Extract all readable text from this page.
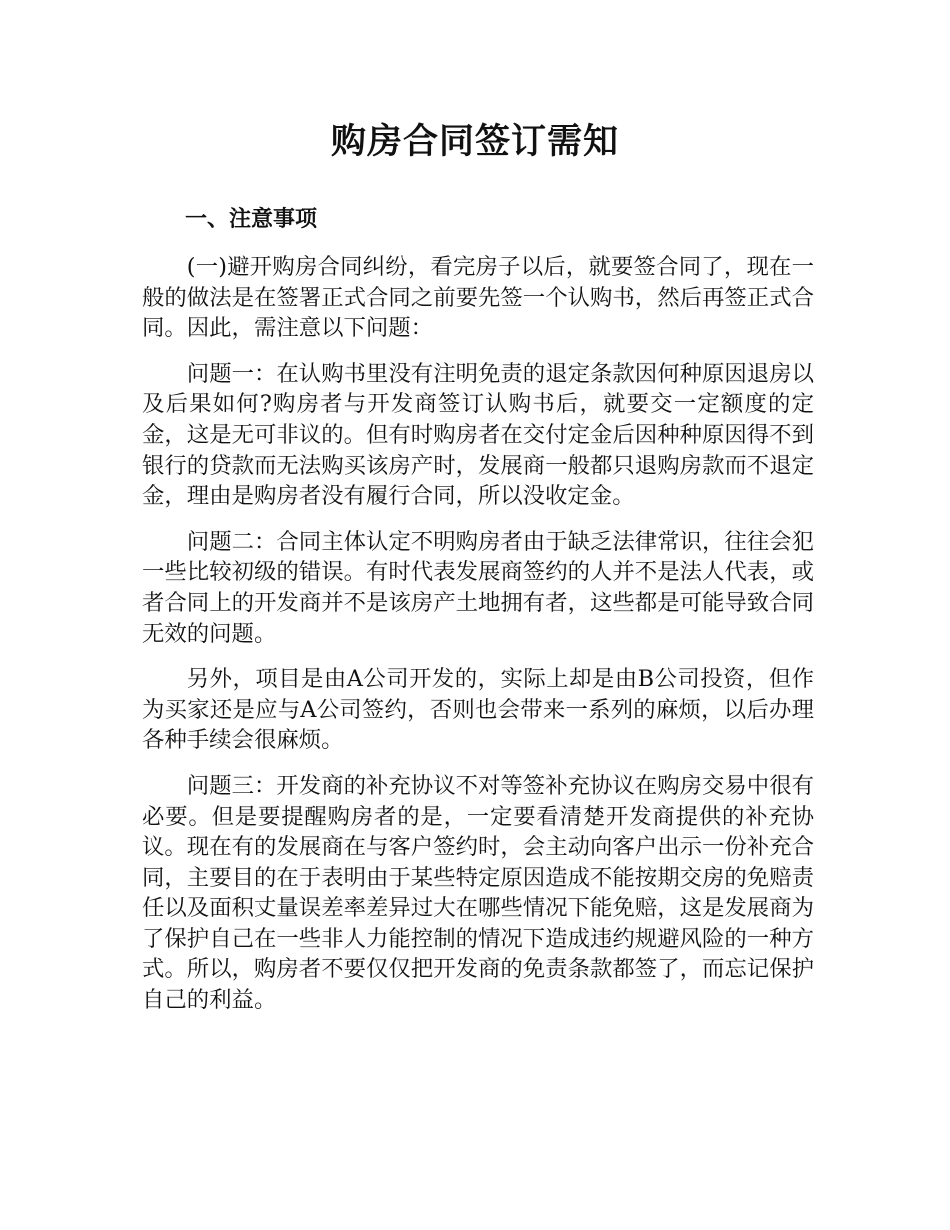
购房合同签订需知
一、注意事项

(一)避开购房合同纠纷，看完房子以后，就要签合同了，现在一般的做法是在签署正式合同之前要先签一个认购书，然后再签正式合同。因此，需注意以下问题：

问题一：在认购书里没有注明免责的退定条款因何种原因退房以及后果如何?购房者与开发商签订认购书后，就要交一定额度的定金，这是无可非议的。但有时购房者在交付定金后因种种原因得不到银行的贷款而无法购买该房产时，发展商一般都只退购房款而不退定金，理由是购房者没有履行合同，所以没收定金。

问题二：合同主体认定不明购房者由于缺乏法律常识，往往会犯一些比较初级的错误。有时代表发展商签约的人并不是法人代表，或者合同上的开发商并不是该房产土地拥有者，这些都是可能导致合同无效的问题。

另外，项目是由A公司开发的，实际上却是由B公司投资，但作为买家还是应与A公司签约，否则也会带来一系列的麻烦，以后办理各种手续会很麻烦。

问题三：开发商的补充协议不对等签补充协议在购房交易中很有必要。但是要提醒购房者的是，一定要看清楚开发商提供的补充协议。现在有的发展商在与客户签约时，会主动向客户出示一份补充合同，主要目的在于表明由于某些特定原因造成不能按期交房的免赔责任以及面积丈量误差率差异过大在哪些情况下能免赔，这是发展商为了保护自己在一些非人力能控制的情况下造成违约规避风险的一种方式。所以，购房者不要仅仅把开发商的免责条款都签了，而忘记保护自己的利益。
